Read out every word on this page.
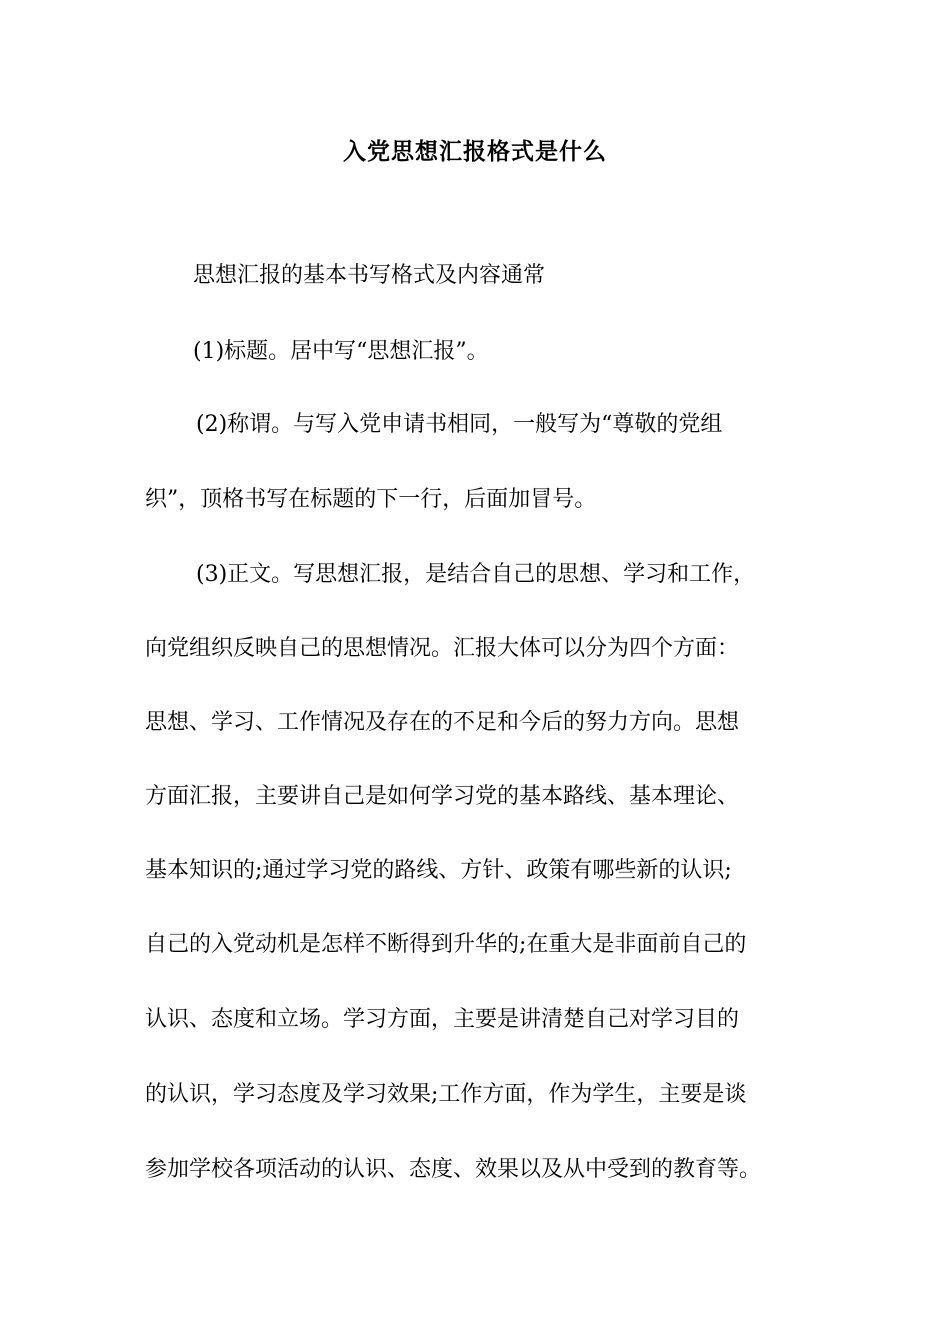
入党思想汇报格式是什么
思想汇报的基本书写格式及内容通常
(1)标题。居中写“思想汇报”。
(2)称谓。与写入党申请书相同，一般写为“尊敬的党组
织”，顶格书写在标题的下一行，后面加冒号。
(3)正文。写思想汇报，是结合自己的思想、学习和工作，
向党组织反映自己的思想情况。汇报大体可以分为四个方面：
思想、学习、工作情况及存在的不足和今后的努力方向。思想
方面汇报，主要讲自己是如何学习党的基本路线、基本理论、
基本知识的;通过学习党的路线、方针、政策有哪些新的认识;
自己的入党动机是怎样不断得到升华的;在重大是非面前自己的
认识、态度和立场。学习方面，主要是讲清楚自己对学习目的
的认识，学习态度及学习效果;工作方面，作为学生，主要是谈
参加学校各项活动的认识、态度、效果以及从中受到的教育等。
